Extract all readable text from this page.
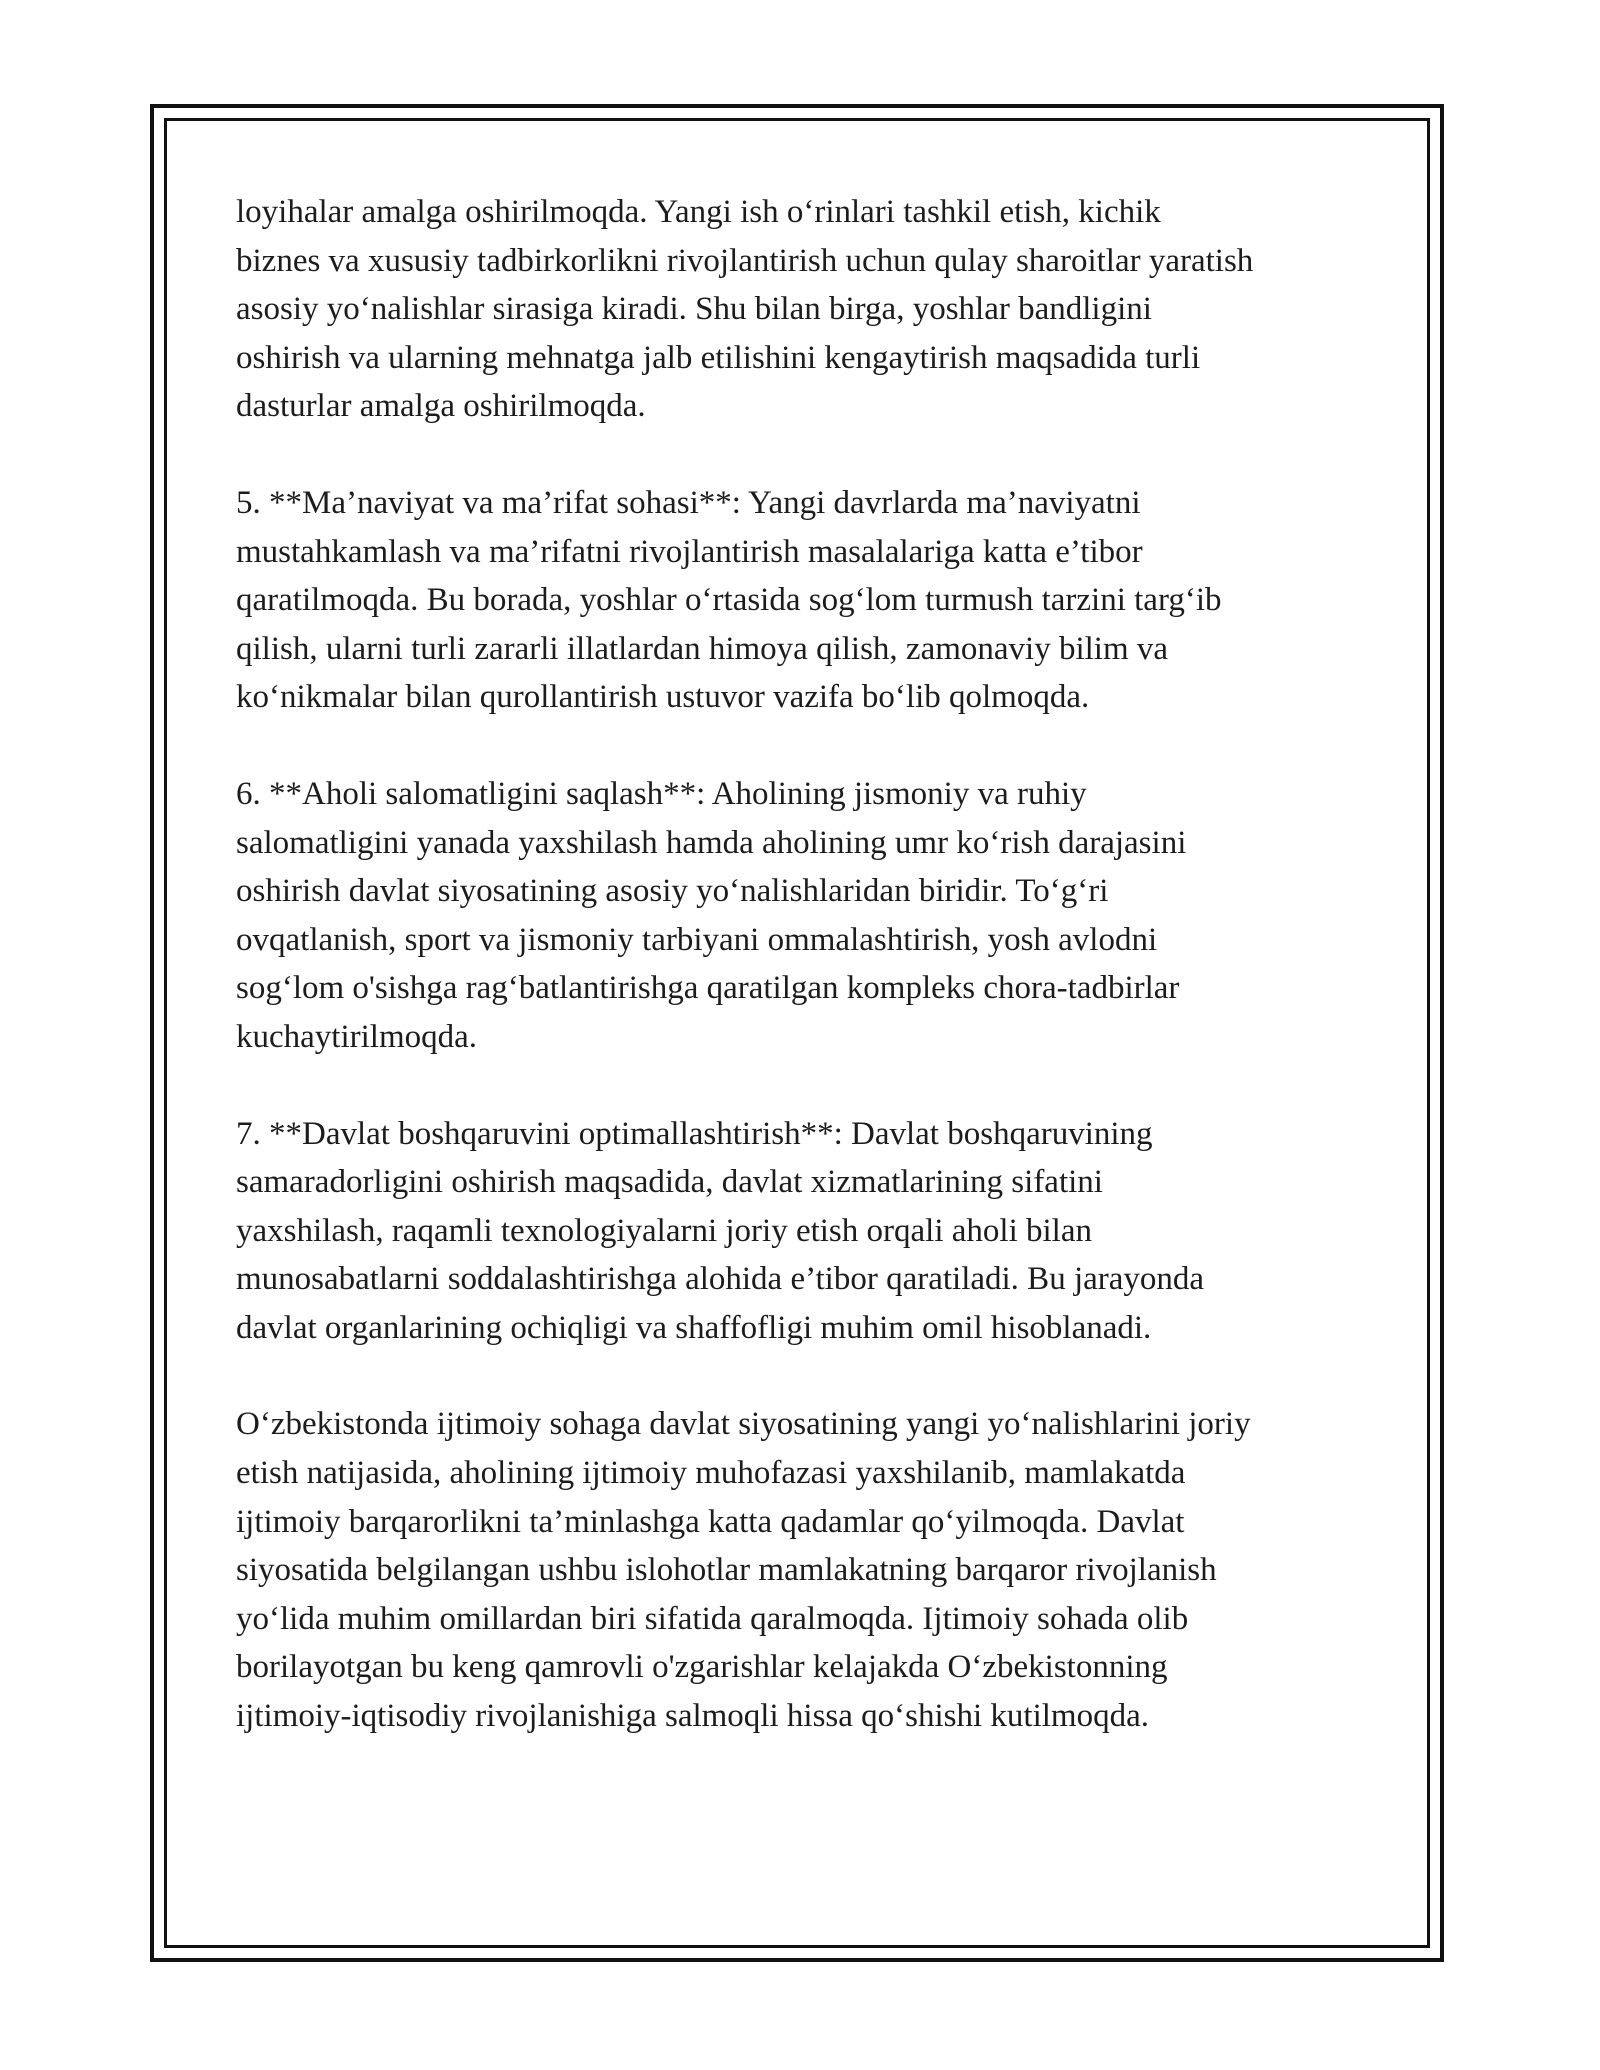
loyihalar amalga oshirilmoqda. Yangi ish oʻrinlari tashkil etish, kichik
biznes va xususiy tadbirkorlikni rivojlantirish uchun qulay sharoitlar yaratish
asosiy yoʻnalishlar sirasiga kiradi. Shu bilan birga, yoshlar bandligini
oshirish va ularning mehnatga jalb etilishini kengaytirish maqsadida turli
dasturlar amalga oshirilmoqda.

5. **Ma’naviyat va ma’rifat sohasi**: Yangi davrlarda ma’naviyatni
mustahkamlash va ma’rifatni rivojlantirish masalalariga katta e’tibor
qaratilmoqda. Bu borada, yoshlar oʻrtasida sogʻlom turmush tarzini targʻib
qilish, ularni turli zararli illatlardan himoya qilish, zamonaviy bilim va
koʻnikmalar bilan qurollantirish ustuvor vazifa boʻlib qolmoqda.

6. **Aholi salomatligini saqlash**: Aholining jismoniy va ruhiy
salomatligini yanada yaxshilash hamda aholining umr koʻrish darajasini
oshirish davlat siyosatining asosiy yoʻnalishlaridan biridir. Toʻgʻri
ovqatlanish, sport va jismoniy tarbiyani ommalashtirish, yosh avlodni
sogʻlom o'sishga ragʻbatlantirishga qaratilgan kompleks chora-tadbirlar
kuchaytirilmoqda.

7. **Davlat boshqaruvini optimallashtirish**: Davlat boshqaruvining
samaradorligini oshirish maqsadida, davlat xizmatlarining sifatini
yaxshilash, raqamli texnologiyalarni joriy etish orqali aholi bilan
munosabatlarni soddalashtirishga alohida e’tibor qaratiladi. Bu jarayonda
davlat organlarining ochiqligi va shaffofligi muhim omil hisoblanadi.

Oʻzbekistonda ijtimoiy sohaga davlat siyosatining yangi yoʻnalishlarini joriy
etish natijasida, aholining ijtimoiy muhofazasi yaxshilanib, mamlakatda
ijtimoiy barqarorlikni ta’minlashga katta qadamlar qoʻyilmoqda. Davlat
siyosatida belgilangan ushbu islohotlar mamlakatning barqaror rivojlanish
yoʻlida muhim omillardan biri sifatida qaralmoqda. Ijtimoiy sohada olib
borilayotgan bu keng qamrovli o'zgarishlar kelajakda Oʻzbekistonning
ijtimoiy-iqtisodiy rivojlanishiga salmoqli hissa qoʻshishi kutilmoqda.
